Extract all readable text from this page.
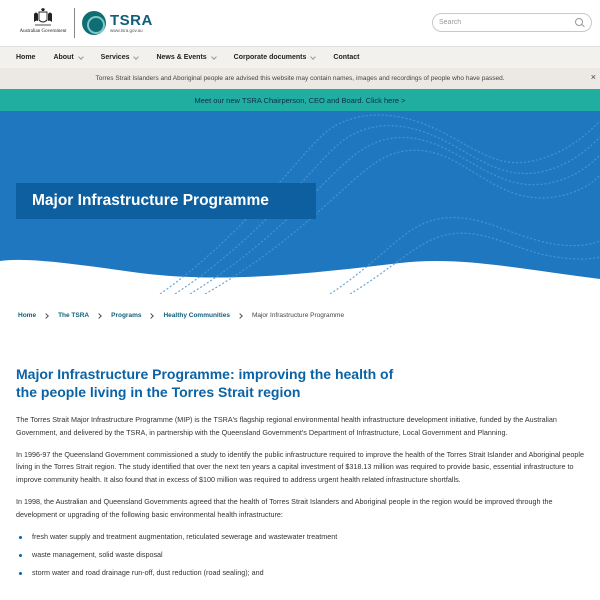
Australian Government
TSRA
www.tsra.gov.au
Search
Home	About	Services	News & Events	Corporate documents	Contact
Torres Strait Islanders and Aboriginal people are advised this website may contain names, images and recordings of people who have passed.	×
Meet our new TSRA Chairperson, CEO and Board. Click here >
Major Infrastructure Programme
Home	The TSRA	Programs	Healthy Communities	Major Infrastructure Programme
Major Infrastructure Programme: improving the health of the people living in the Torres Strait region

The Torres Strait Major Infrastructure Programme (MIP) is the TSRA's flagship regional environmental health infrastructure development initiative, funded by the Australian Government, and delivered by the TSRA, in partnership with the Queensland Government's Department of Infrastructure, Local Government and Planning.

In 1996-97 the Queensland Government commissioned a study to identify the public infrastructure required to improve the health of the Torres Strait Islander and Aboriginal people living in the Torres Strait region. The study identified that over the next ten years a capital investment of $318.13 million was required to provide basic, essential infrastructure to improve community health. It also found that in excess of $100 million was required to address urgent health related infrastructure shortfalls.

In 1998, the Australian and Queensland Governments agreed that the health of Torres Strait Islanders and Aboriginal people in the region would be improved through the development or upgrading of the following basic environmental health infrastructure:

fresh water supply and treatment augmentation, reticulated sewerage and wastewater treatment
waste management, solid waste disposal
storm water and road drainage run-off, dust reduction (road sealing); and
